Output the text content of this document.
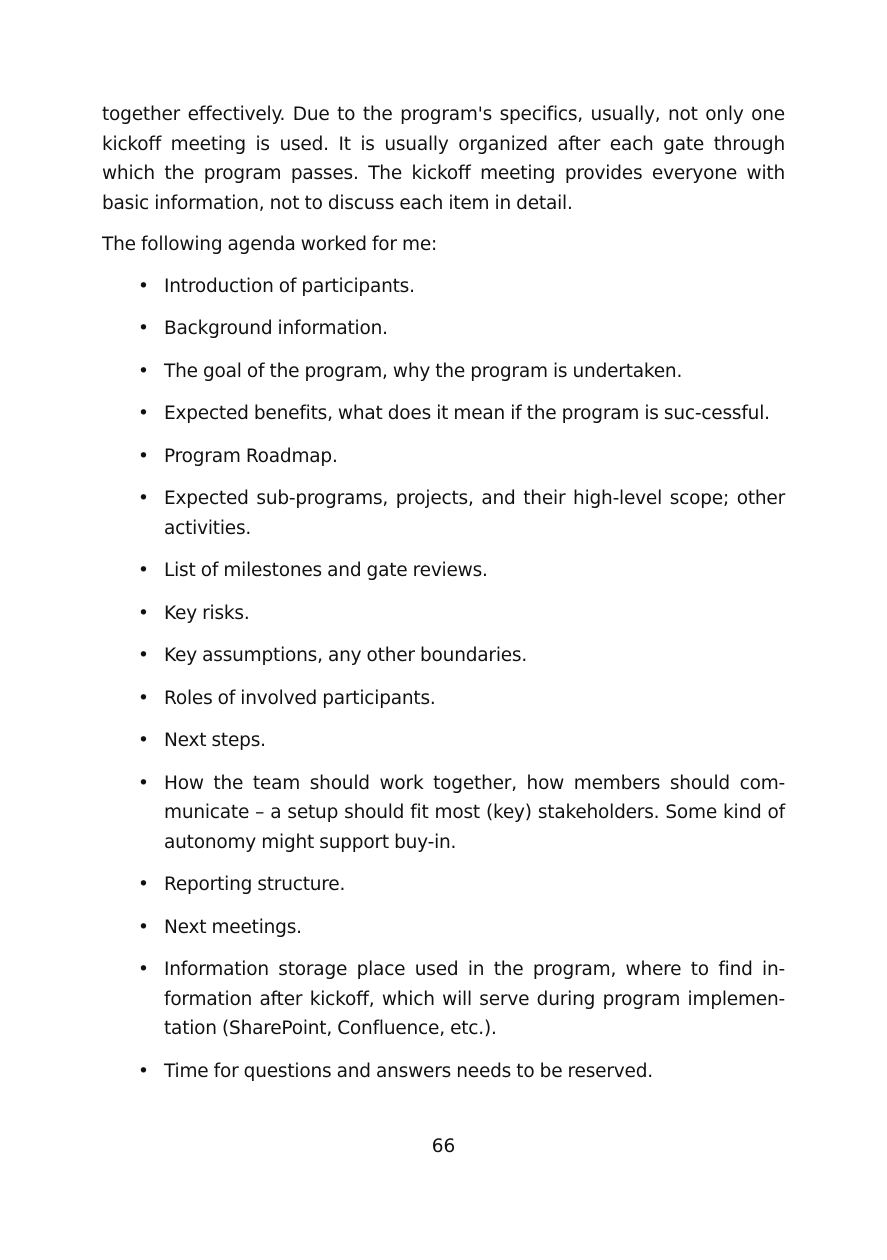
together effectively. Due to the program's specifics, usually, not only one kickoff meeting is used. It is usually organized after each gate through which the program passes. The kickoff meeting provides everyone with basic information, not to discuss each item in detail.

The following agenda worked for me:

• Introduction of participants.
• Background information.
• The goal of the program, why the program is undertaken.
• Expected benefits, what does it mean if the program is suc-cessful.
• Program Roadmap.
• Expected sub-programs, projects, and their high-level scope; other activities.
• List of milestones and gate reviews.
• Key risks.
• Key assumptions, any other boundaries.
• Roles of involved participants.
• Next steps.
• How the team should work together, how members should com-municate – a setup should fit most (key) stakeholders. Some kind of autonomy might support buy-in.
• Reporting structure.
• Next meetings.
• Information storage place used in the program, where to find in-formation after kickoff, which will serve during program implemen-tation (SharePoint, Confluence, etc.).
• Time for questions and answers needs to be reserved.
66
